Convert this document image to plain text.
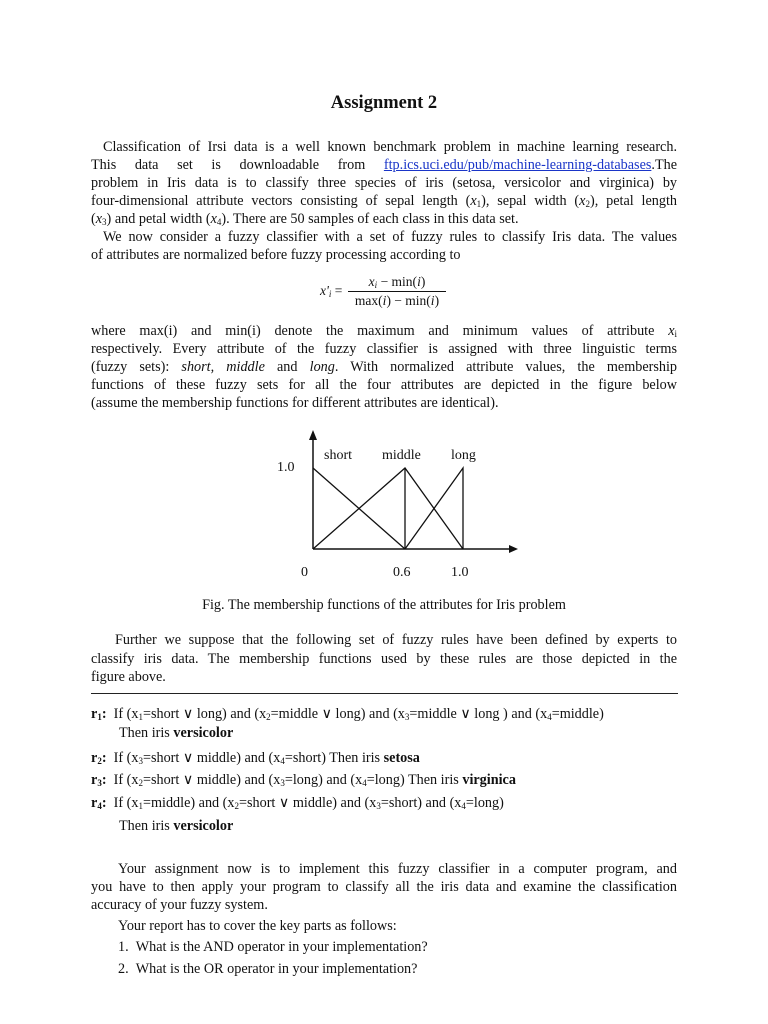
Assignment 2
Classification of Irsi data is a well known benchmark problem in machine learning research.
This data set is downloadable from ftp.ics.uci.edu/pub/machine-learning-databases.The
problem in Iris data is to classify three species of iris (setosa, versicolor and virginica) by
four-dimensional attribute vectors consisting of sepal length $(x_1)$, sepal width $(x_2)$, petal length
$(x_3)$ and petal width $(x_4)$. There are 50 samples of each class in this data set.
We now consider a fuzzy classifier with a set of fuzzy rules to classify Iris data. The values
of attributes are normalized before fuzzy processing according to
$x'_i$ =
$x_i - \min(i)$
max(i) − min(i)
where max(i) and min(i) denote the maximum and minimum values of attribute $x_i$
respectively. Every attribute of the fuzzy classifier is assigned with three linguistic terms
(fuzzy sets): short, middle and long. With normalized attribute values, the membership
functions of these fuzzy sets for all the four attributes are depicted in the figure below
(assume the membership functions for different attributes are identical).
short middle long
1.0
0	0.6	1.0
Fig. The membership functions of the attributes for Iris problem
Further we suppose that the following set of fuzzy rules have been defined by experts to
classify iris data. The membership functions used by these rules are those depicted in the
figure above.
$r_1$: If ($x_1=short$ ∨ long) and ($x_2=middle$ ∨ long) and ($x_3=middle$ ∨ long ) and $(x_4=middle)$
Then iris versicolor
$r_2$: If ($x_3=short$ ∨ middle) and $(x_4=short)$ Then iris setosa
$r_3$: If ($x_2=short$ ∨ middle) and $(x_3=long)$ and $(x_4=long)$ Then iris virginica
$r_4$: If $(x_1=middle)$ and ($x_2=short$ ∨ middle) and $(x_3=short)$ and $(x_4=long)$
Then iris versicolor
Your assignment now is to implement this fuzzy classifier in a computer program, and
you have to then apply your program to classify all the iris data and examine the classification
accuracy of your fuzzy system.
Your report has to cover the key parts as follows:
1. What is the AND operator in your implementation?
2. What is the OR operator in your implementation?
